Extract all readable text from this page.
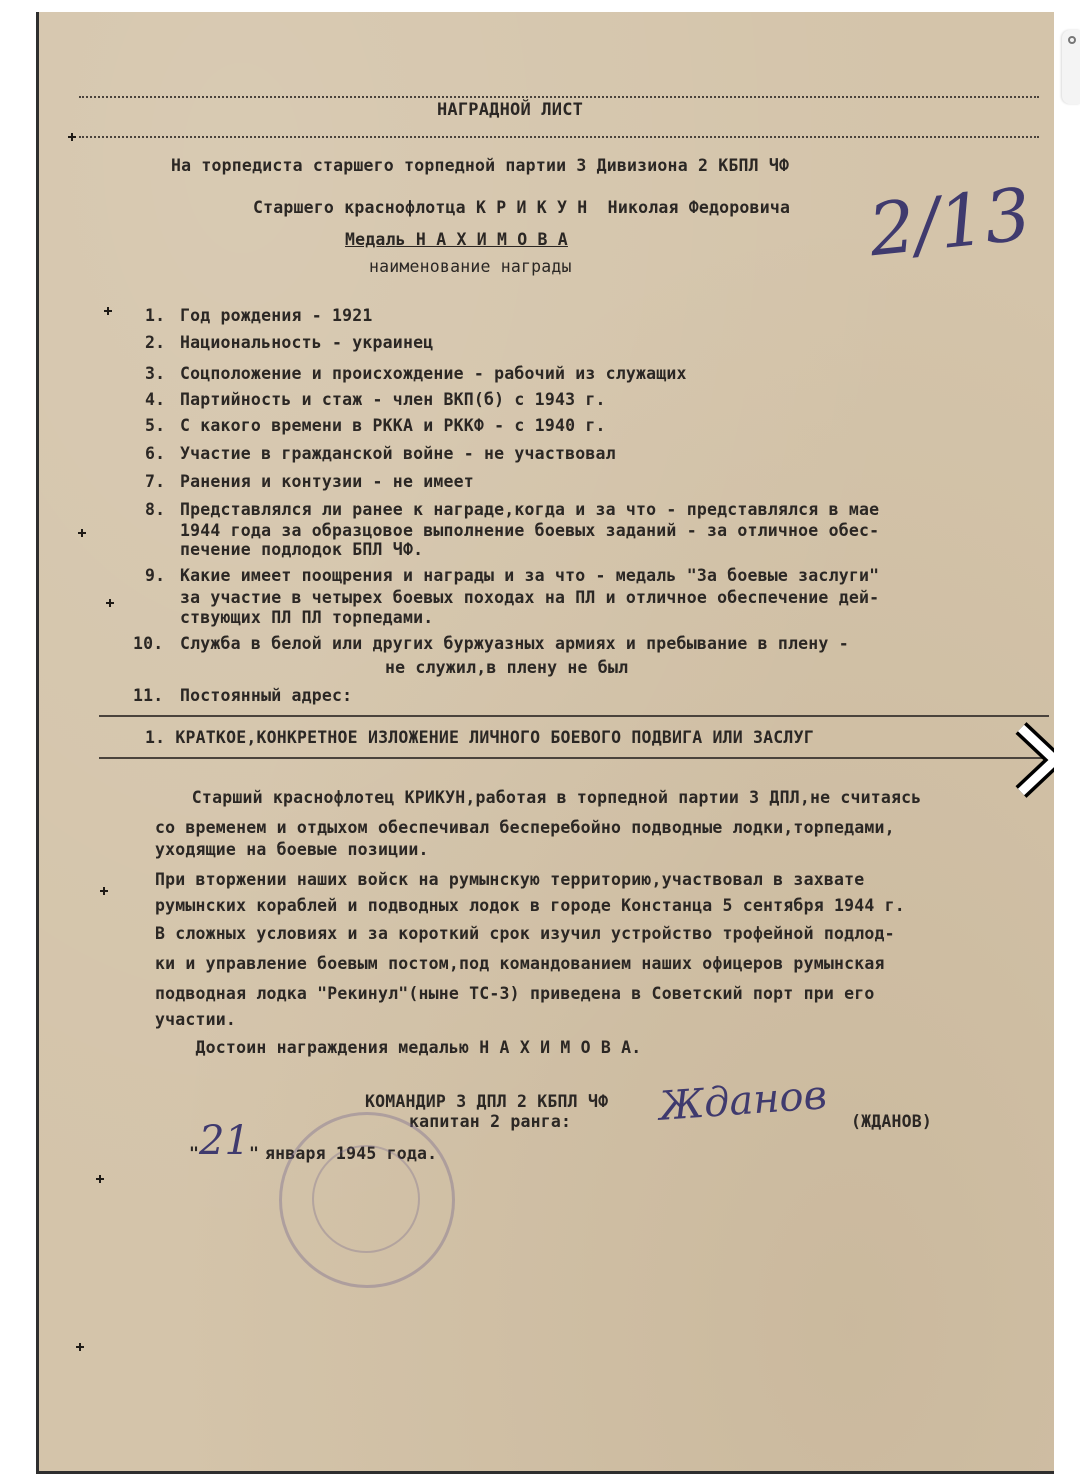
НАГРАДНОЙ ЛИСТ
На торпедиста старшего торпедной партии 3 Дивизиона 2 КБПЛ ЧФ
Старшего краснофлотца К Р И К У Н  Николая Федоровича
Медаль Н А Х И М О В А
наименование награды	2/13
1. Год рождения - 1921
2. Национальность - украинец
3. Соцположение и происхождение - рабочий из служащих
4. Партийность и стаж - член ВКП(б) с 1943 г.
5. С какого времени в РККА и РККФ - с 1940 г.
6. Участие в гражданской войне - не участвовал
7. Ранения и контузии - не имеет
8. Представлялся ли ранее к награде,когда и за что - представлялся в мае
1944 года за образцовое выполнение боевых заданий - за отличное обес-
печение подлодок БПЛ ЧФ.
9. Какие имеет поощрения и награды и за что - медаль "За боевые заслуги"
за участие в четырех боевых походах на ПЛ и отличное обеспечение дей-
ствующих ПЛ ПЛ торпедами.
10. Служба в белой или других буржуазных армиях и пребывание в плену -
не служил,в плену не был
11. Постоянный адрес:
1. КРАТКОЕ,КОНКРЕТНОЕ ИЗЛОЖЕНИЕ ЛИЧНОГО БОЕВОГО ПОДВИГА ИЛИ ЗАСЛУГ
Старший краснофлотец КРИКУН,работая в торпедной партии 3 ДПЛ,не считаясь
со временем и отдыхом обеспечивал бесперебойно подводные лодки,торпедами,
уходящие на боевые позиции.
При вторжении наших войск на румынскую территорию,участвовал в захвате
румынских кораблей и подводных лодок в городе Констанца 5 сентября 1944 г.
В сложных условиях и за короткий срок изучил устройство трофейной подлод-
ки и управление боевым постом,под командованием наших офицеров румынская
подводная лодка "Рекинул"(ныне ТС-3) приведена в Советский порт при его
участии.
Достоин награждения медалью Н А Х И М О В А.
КОМАНДИР 3 ДПЛ 2 КБПЛ ЧФ
капитан 2 ранга: Жданов (ЖДАНОВ)
" 21 " января 1945 года.
